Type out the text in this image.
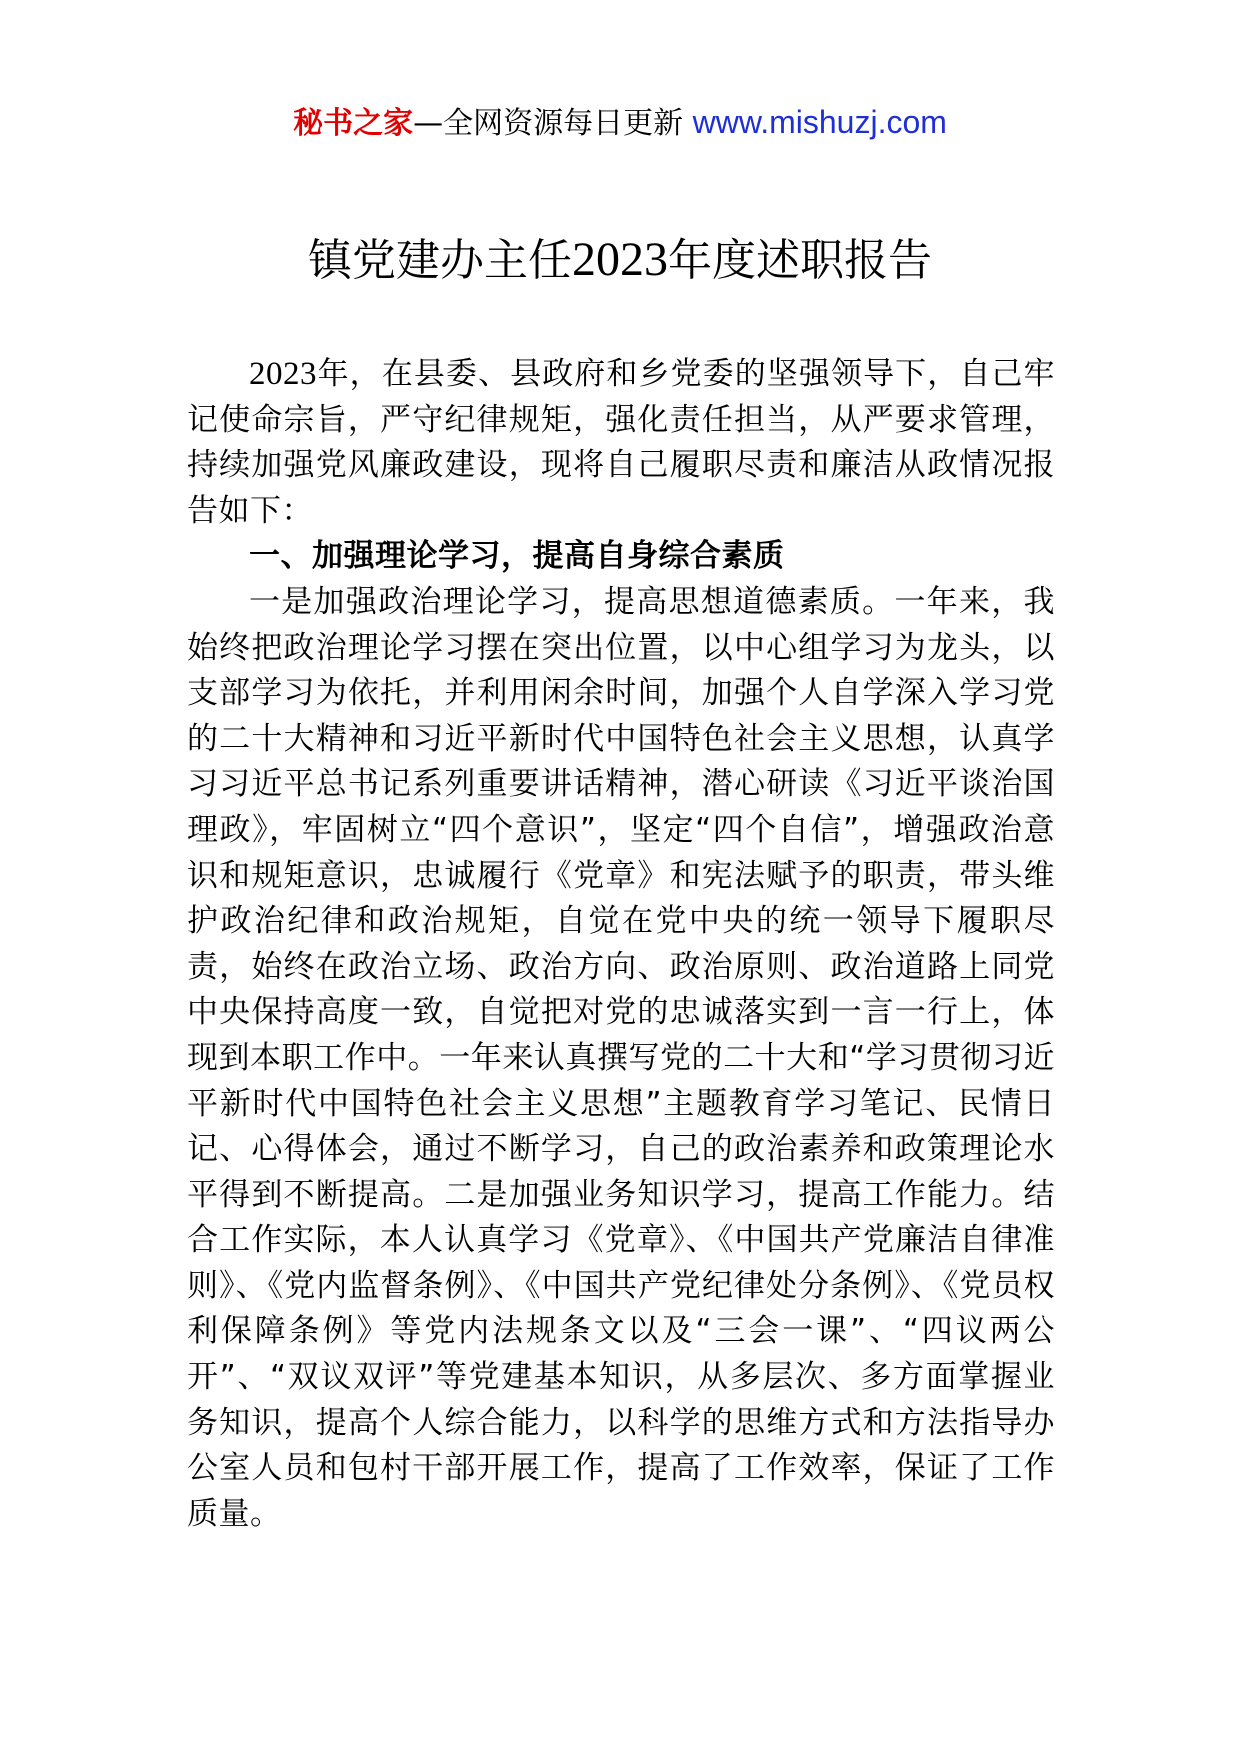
秘书之家—全网资源每日更新 www.mishuzj.com
镇党建办主任2023年度述职报告

2023年，在县委、县政府和乡党委的坚强领导下，自己牢记使命宗旨，严守纪律规矩，强化责任担当，从严要求管理，持续加强党风廉政建设，现将自己履职尽责和廉洁从政情况报告如下：

一、加强理论学习，提高自身综合素质

一是加强政治理论学习，提高思想道德素质。一年来，我始终把政治理论学习摆在突出位置，以中心组学习为龙头，以支部学习为依托，并利用闲余时间，加强个人自学深入学习党的二十大精神和习近平新时代中国特色社会主义思想，认真学习习近平总书记系列重要讲话精神，潜心研读《习近平谈治国理政》，牢固树立“四个意识”，坚定“四个自信”，增强政治意识和规矩意识，忠诚履行《党章》和宪法赋予的职责，带头维护政治纪律和政治规矩，自觉在党中央的统一领导下履职尽责，始终在政治立场、政治方向、政治原则、政治道路上同党中央保持高度一致，自觉把对党的忠诚落实到一言一行上，体现到本职工作中。一年来认真撰写党的二十大和“学习贯彻习近平新时代中国特色社会主义思想”主题教育学习笔记、民情日记、心得体会，通过不断学习，自己的政治素养和政策理论水平得到不断提高。二是加强业务知识学习，提高工作能力。结合工作实际，本人认真学习《党章》、《中国共产党廉洁自律准则》、《党内监督条例》、《中国共产党纪律处分条例》、《党员权利保障条例》等党内法规条文以及“三会一课”、“四议两公开”、“双议双评”等党建基本知识，从多层次、多方面掌握业务知识，提高个人综合能力，以科学的思维方式和方法指导办公室人员和包村干部开展工作，提高了工作效率，保证了工作质量。
